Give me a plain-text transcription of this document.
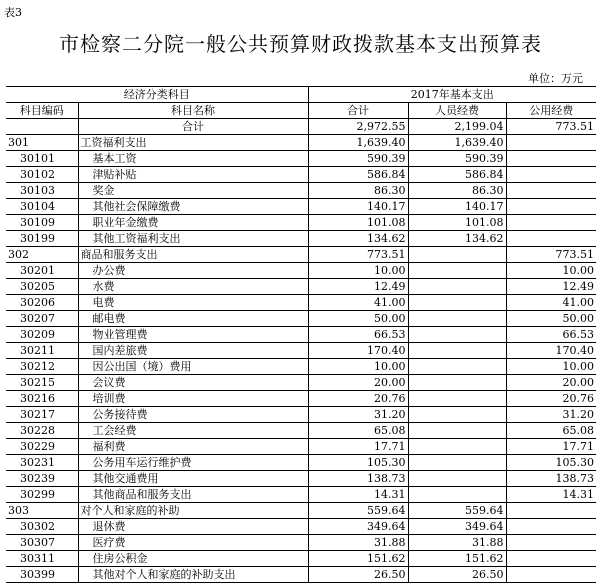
表3
市检察二分院一般公共预算财政拨款基本支出预算表
单位：万元
经济分类科目		2017年基本支出		
科目编码	科目名称	合计	人员经费	公用经费
	合计	2,972.55	2,199.04	773.51
301	工资福利支出	1,639.40	1,639.40	
30101	基本工资	590.39	590.39	
30102	津贴补贴	586.84	586.84	
30103	奖金	86.30	86.30	
30104	其他社会保障缴费	140.17	140.17	
30109	职业年金缴费	101.08	101.08	
30199	其他工资福利支出	134.62	134.62	
302	商品和服务支出	773.51		773.51
30201	办公费	10.00		10.00
30205	水费	12.49		12.49
30206	电费	41.00		41.00
30207	邮电费	50.00		50.00
30209	物业管理费	66.53		66.53
30211	国内差旅费	170.40		170.40
30212	因公出国（境）费用	10.00		10.00
30215	会议费	20.00		20.00
30216	培训费	20.76		20.76
30217	公务接待费	31.20		31.20
30228	工会经费	65.08		65.08
30229	福利费	17.71		17.71
30231	公务用车运行维护费	105.30		105.30
30239	其他交通费用	138.73		138.73
30299	其他商品和服务支出	14.31		14.31
303	对个人和家庭的补助	559.64	559.64	
30302	退休费	349.64	349.64	
30307	医疗费	31.88	31.88	
30311	住房公积金	151.62	151.62	
30399	其他对个人和家庭的补助支出	26.50	26.50	
